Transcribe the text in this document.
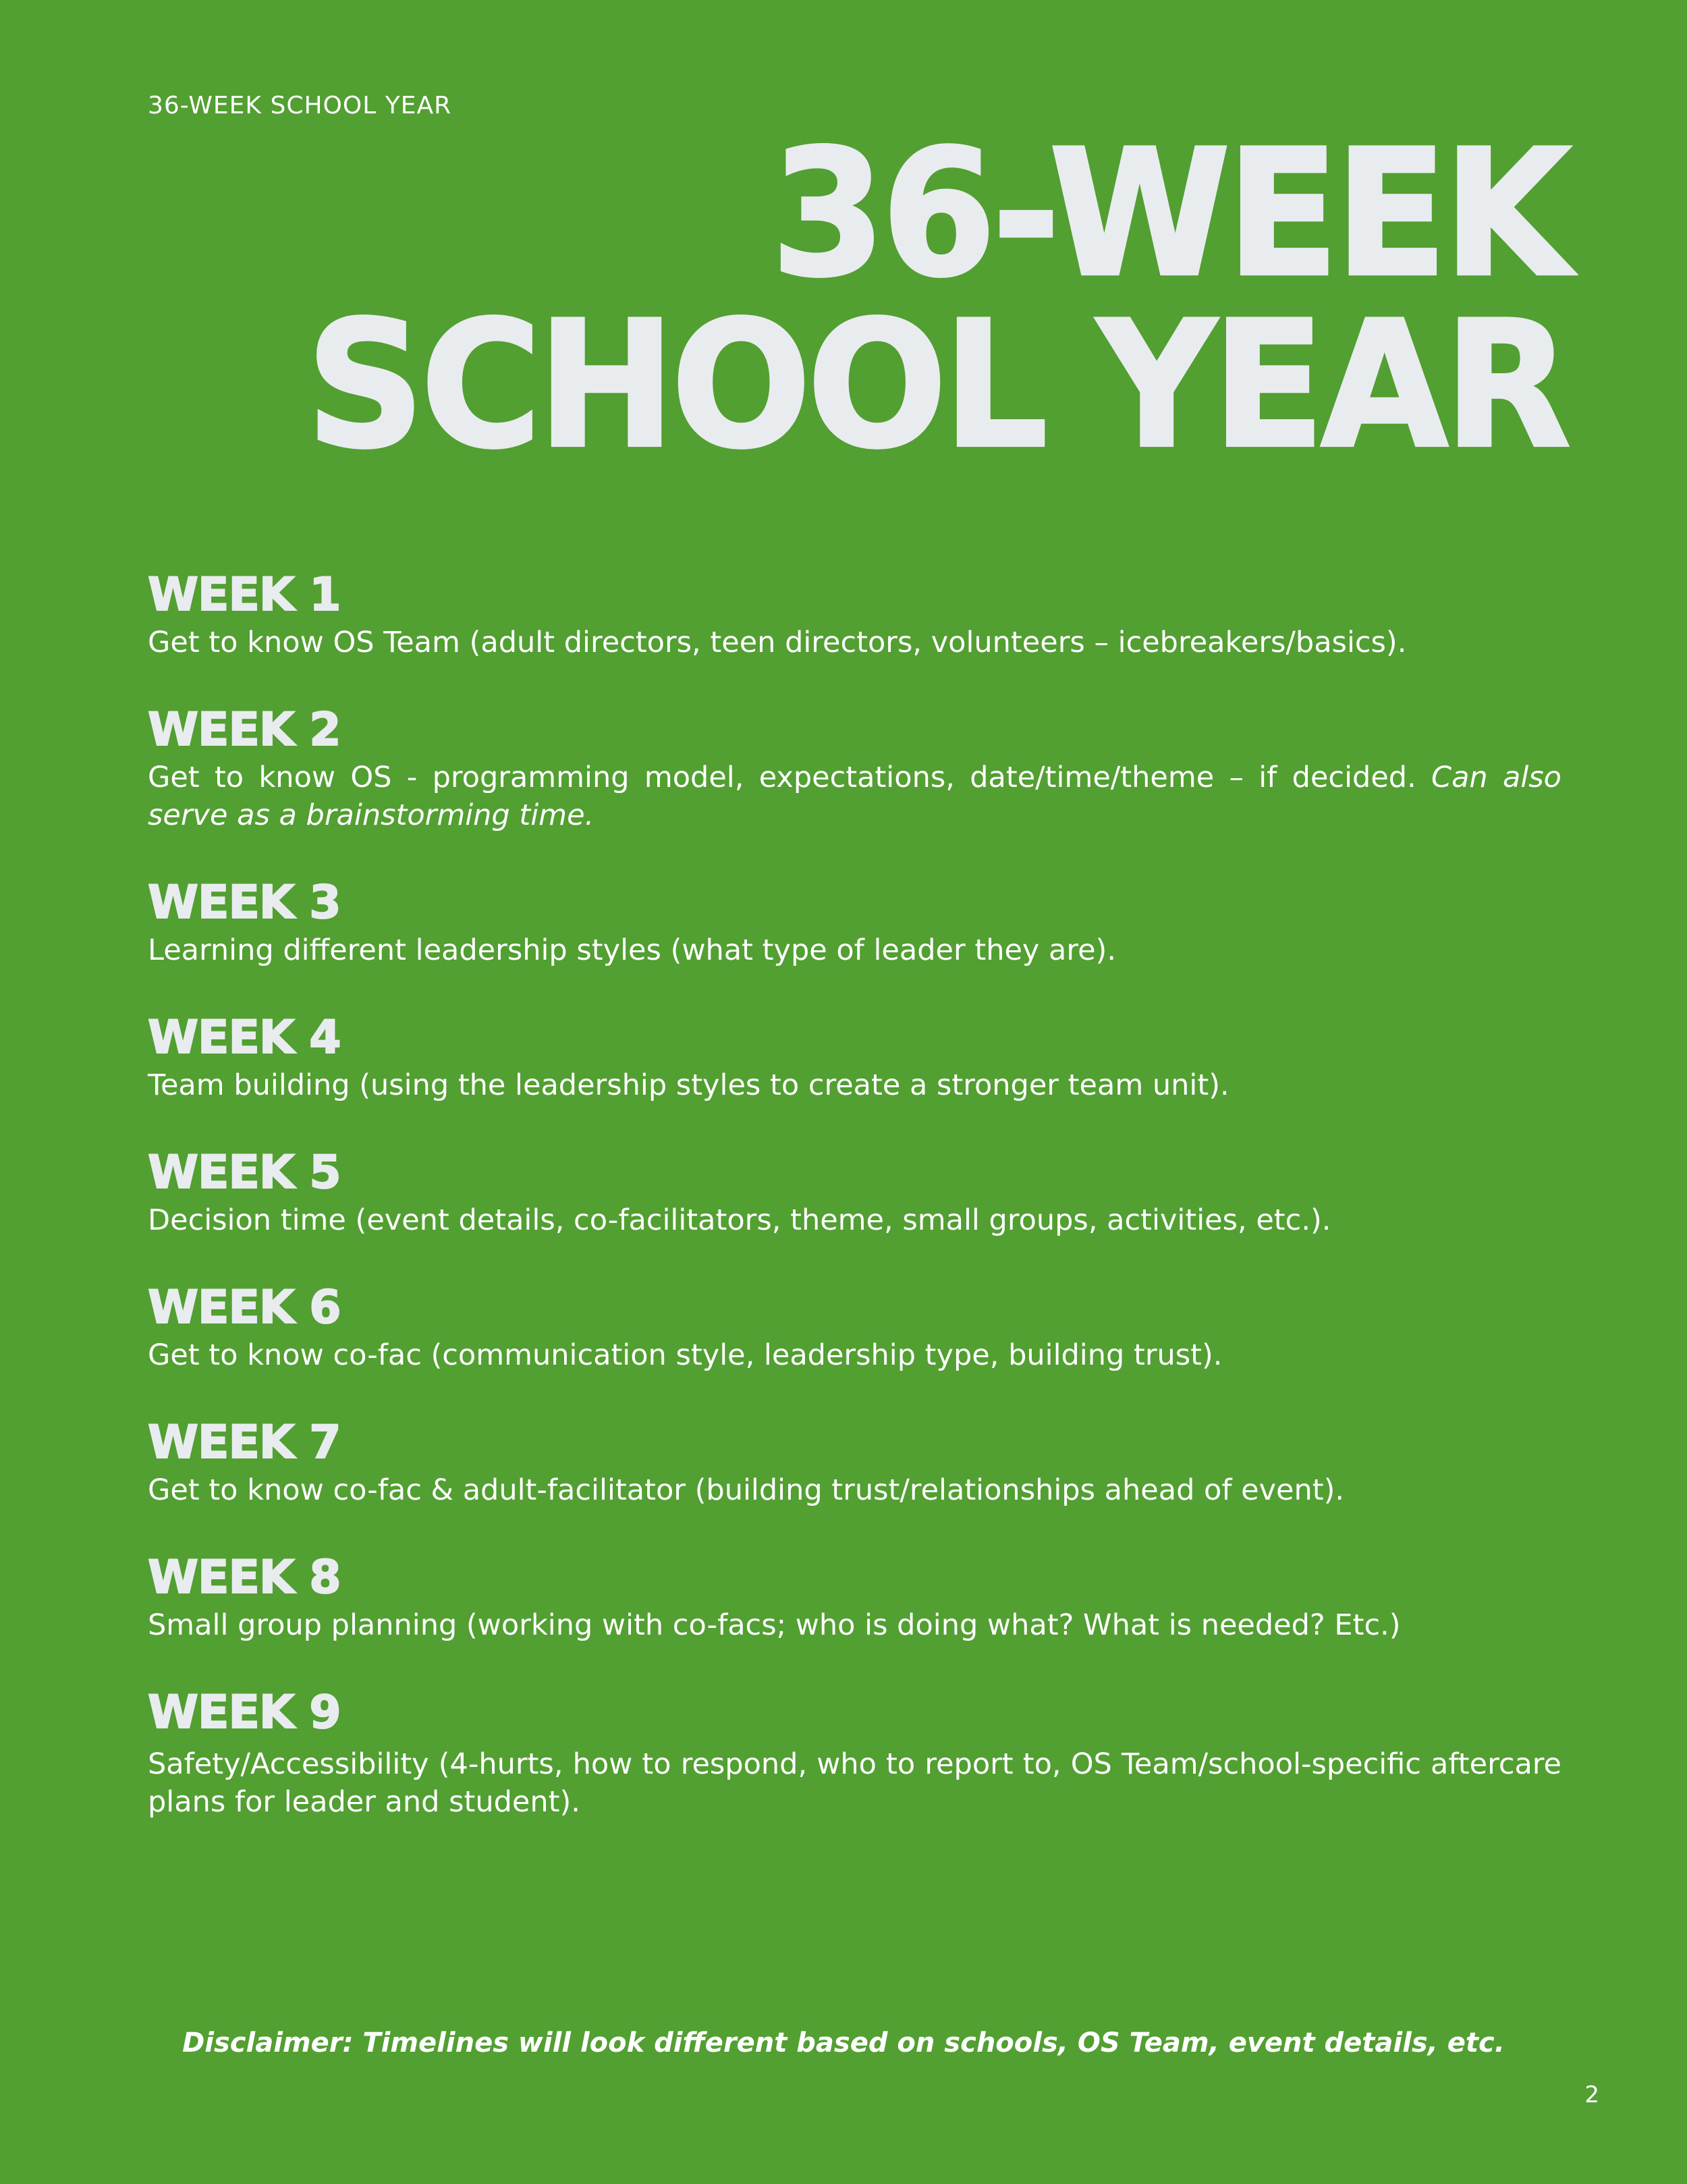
36-WEEK SCHOOL YEAR

36-WEEK
SCHOOL YEAR
WEEK 1

Get to know OS Team (adult directors, teen directors, volunteers – icebreakers/basics).

WEEK 2

Get to know OS - programming model, expectations, date/time/theme – if decided. Can also serve as a brainstorming time.

WEEK 3

Learning different leadership styles (what type of leader they are).

WEEK 4

Team building (using the leadership styles to create a stronger team unit).

WEEK 5

Decision time (event details, co-facilitators, theme, small groups, activities, etc.).

WEEK 6

Get to know co-fac (communication style, leadership type, building trust).

WEEK 7

Get to know co-fac & adult-facilitator (building trust/relationships ahead of event).

WEEK 8

Small group planning (working with co-facs; who is doing what? What is needed? Etc.)

WEEK 9

Safety/Accessibility (4-hurts, how to respond, who to report to, OS Team/school-specific aftercare plans for leader and student).

Disclaimer: Timelines will look different based on schools, OS Team, event details, etc.

2
